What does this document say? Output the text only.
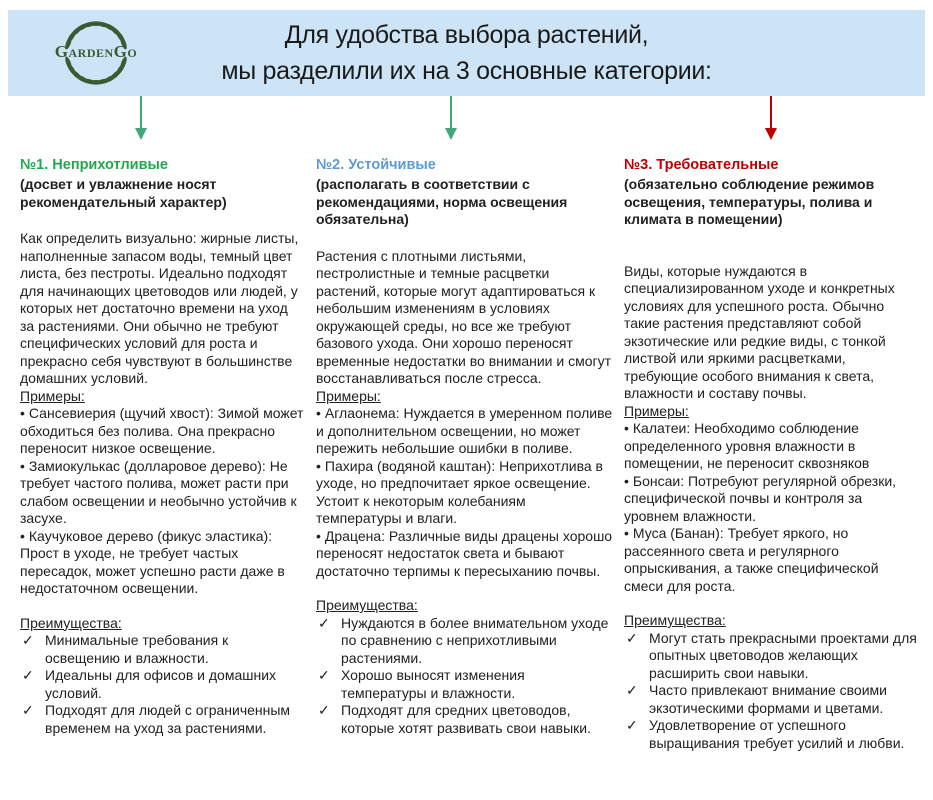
GardenGo
Для удобства выбора растений,
мы разделили их на 3 основные категории:
№1. Неприхотливые
(досвет и увлажнение носят рекомендательный характер)
Как определить визуально: жирные листы, наполненные запасом воды, темный цвет листа, без пестроты. Идеально подходят для начинающих цветоводов или людей, у которых нет достаточно времени на уход за растениями. Они обычно не требуют специфических условий для роста и прекрасно себя чувствуют в большинстве домашних условий.
Примеры:
• Сансевиерия (щучий хвост): Зимой может обходиться без полива. Она прекрасно переносит низкое освещение.
• Замиокулькас (долларовое дерево): Не требует частого полива, может расти при слабом освещении и необычно устойчив к засухе.
• Каучуковое дерево (фикус эластика): Прост в уходе, не требует частых пересадок, может успешно расти даже в недостаточном освещении.
Преимущества:
✓ Минимальные требования к освещению и влажности.
✓ Идеальны для офисов и домашних условий.
✓ Подходят для людей с ограниченным временем на уход за растениями.
№2. Устойчивые
(располагать в соответствии с рекомендациями, норма освещения обязательна)
Растения с плотными листьями, пестролистные и темные расцветки растений, которые могут адаптироваться к небольшим изменениям в условиях окружающей среды, но все же требуют базового ухода. Они хорошо переносят временные недостатки во внимании и смогут восстанавливаться после стресса.
Примеры:
• Аглаонема: Нуждается в умеренном поливе и дополнительном освещении, но может пережить небольшие ошибки в поливе.
• Пахира (водяной каштан): Неприхотлива в уходе, но предпочитает яркое освещение. Устоит к некоторым колебаниям температуры и влаги.
• Драцена: Различные виды драцены хорошо переносят недостаток света и бывают достаточно терпимы к пересыханию почвы.
Преимущества:
✓ Нуждаются в более внимательном уходе по сравнению с неприхотливыми растениями.
✓ Хорошо выносят изменения температуры и влажности.
✓ Подходят для средних цветоводов, которые хотят развивать свои навыки.
№3. Требовательные
(обязательно соблюдение режимов освещения, температуры, полива и климата в помещении)
Виды, которые нуждаются в специализированном уходе и конкретных условиях для успешного роста. Обычно такие растения представляют собой экзотические или редкие виды, с тонкой листвой или яркими расцветками, требующие особого внимания к света, влажности и составу почвы.
Примеры:
• Калатеи: Необходимо соблюдение определенного уровня влажности в помещении, не переносит сквозняков
• Бонсаи: Потребуют регулярной обрезки, специфической почвы и контроля за уровнем влажности.
• Муса (Банан): Требует яркого, но рассеянного света и регулярного опрыскивания, а также специфической смеси для роста.
Преимущества:
✓ Могут стать прекрасными проектами для опытных цветоводов желающих расширить свои навыки.
✓ Часто привлекают внимание своими экзотическими формами и цветами.
✓ Удовлетворение от успешного выращивания требует усилий и любви.
